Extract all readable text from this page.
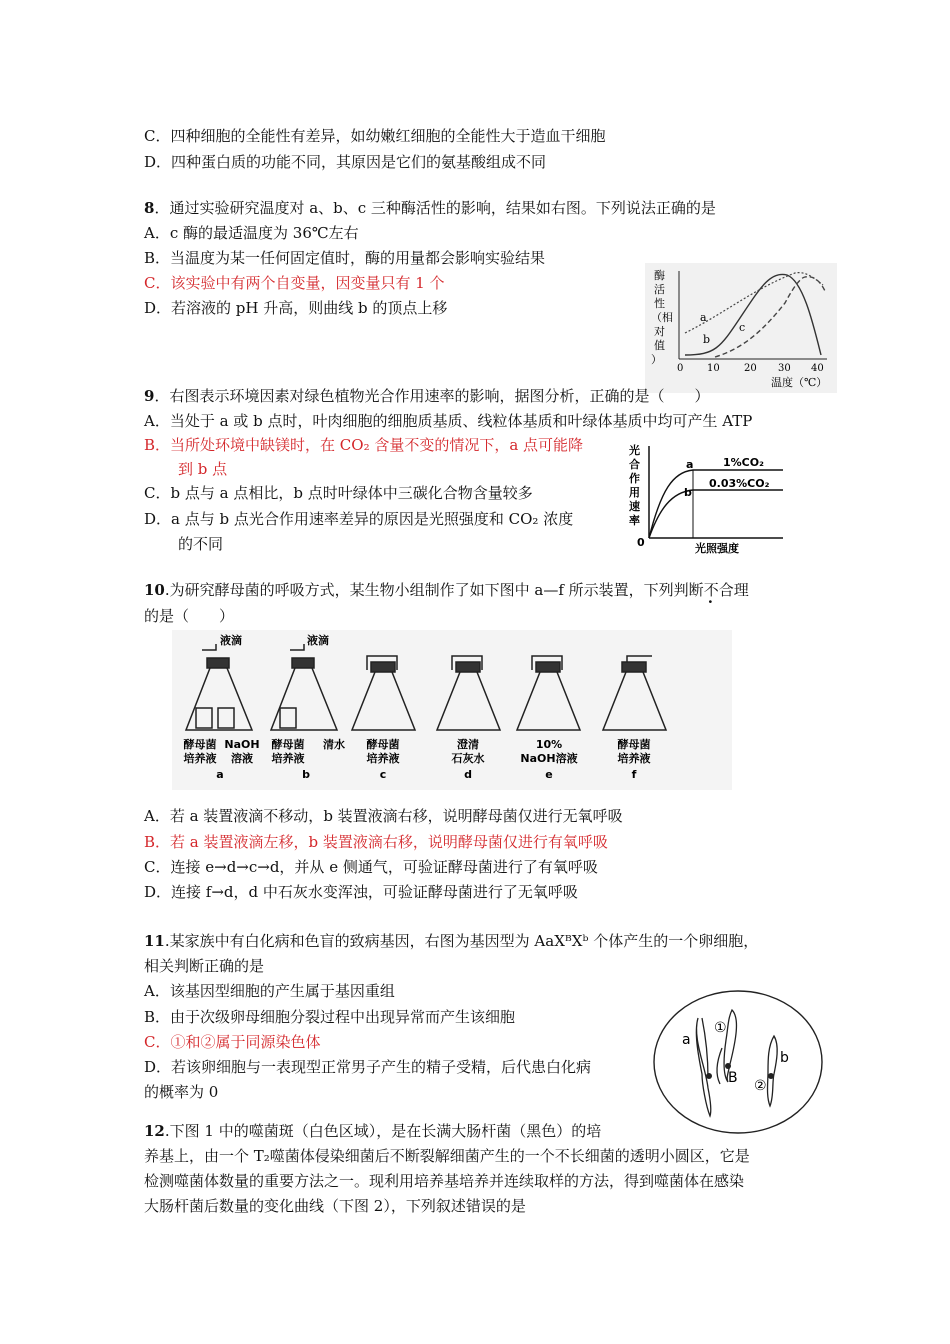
C．四种细胞的全能性有差异，如幼嫩红细胞的全能性大于造血干细胞
D．四种蛋白质的功能不同，其原因是它们的氨基酸组成不同
8．通过实验研究温度对 a、b、c 三种酶活性的影响，结果如右图。下列说法正确的是
A．c 酶的最适温度为 36℃左右
B．当温度为某一任何固定值时，酶的用量都会影响实验结果
C．该实验中有两个自变量，因变量只有 1 个
D．若溶液的 pH 升高，则曲线 b 的顶点上移
酶
活
性
（相
对
值
）
a
b
c
0 10 20 30 40
温度（℃）
9．右图表示环境因素对绿色植物光合作用速率的影响，据图分析，正确的是（　　）
A．当处于 a 或 b 点时，叶肉细胞的细胞质基质、线粒体基质和叶绿体基质中均可产生 ATP
B．当所处环境中缺镁时，在 CO₂ 含量不变的情况下，a 点可能降
到 b 点
C．b 点与 a 点相比，b 点时叶绿体中三碳化合物含量较多
D．a 点与 b 点光合作用速率差异的原因是光照强度和 CO₂ 浓度
的不同
光
合
作
用
速
率
0	光照强度
a
b
1%CO₂
0.03%CO₂
10.为研究酵母菌的呼吸方式，某生物小组制作了如下图中 a—f 所示装置，下列判断不合理
的是（　　）
液滴	液滴
酵母菌
培养液
NaOH
溶液
a
酵母菌
培养液
清水
b
酵母菌
培养液
c
澄清
石灰水
d
10%
NaOH溶液
e
酵母菌
培养液
f
A．若 a 装置液滴不移动，b 装置液滴右移，说明酵母菌仅进行无氧呼吸
B．若 a 装置液滴左移，b 装置液滴右移，说明酵母菌仅进行有氧呼吸
C．连接 e→d→c→d，并从 e 侧通气，可验证酵母菌进行了有氧呼吸
D．连接 f→d，d 中石灰水变浑浊，可验证酵母菌进行了无氧呼吸
11.某家族中有白化病和色盲的致病基因，右图为基因型为 AaXᴮXᵇ 个体产生的一个卵细胞，
相关判断正确的是
A．该基因型细胞的产生属于基因重组
B．由于次级卵母细胞分裂过程中出现异常而产生该细胞
C．①和②属于同源染色体
D．若该卵细胞与一表现型正常男子产生的精子受精，后代患白化病
的概率为 0
a
①
B
b
②
12.下图 1 中的噬菌斑（白色区域），是在长满大肠杆菌（黑色）的培
养基上，由一个 T₂噬菌体侵染细菌后不断裂解细菌产生的一个不长细菌的透明小圆区，它是
检测噬菌体数量的重要方法之一。现利用培养基培养并连续取样的方法，得到噬菌体在感染
大肠杆菌后数量的变化曲线（下图 2），下列叙述错误的是
